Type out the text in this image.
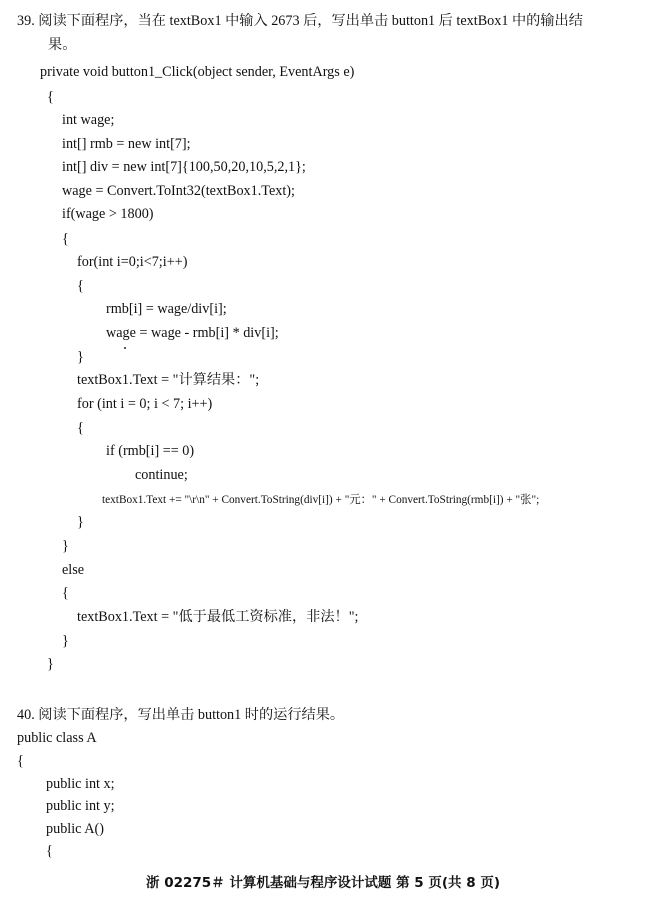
39. 阅读下面程序，当在 textBox1 中输入 2673 后，写出单击 button1 后 textBox1 中的输出结
果。
private void button1_Click(object sender, EventArgs e)
{
int wage;
int[] rmb = new int[7];
int[] div = new int[7]{100,50,20,10,5,2,1};
wage = Convert.ToInt32(textBox1.Text);
if(wage > 1800)
{
for(int i=0;i<7;i++)
{
rmb[i] = wage/div[i];
wage = wage - rmb[i] * div[i];
}
textBox1.Text = "计算结果：";
for (int i = 0; i < 7; i++)
{
if (rmb[i] == 0)
continue;
textBox1.Text += "\r\n" + Convert.ToString(div[i]) + "元：" + Convert.ToString(rmb[i]) + "张";
}
}
else
{
textBox1.Text = "低于最低工资标准，非法！";
}
}
40. 阅读下面程序，写出单击 button1 时的运行结果。
public class A
{
public int x;
public int y;
public A()
{
浙 02275＃ 计算机基础与程序设计试题 第 5 页(共 8 页)
